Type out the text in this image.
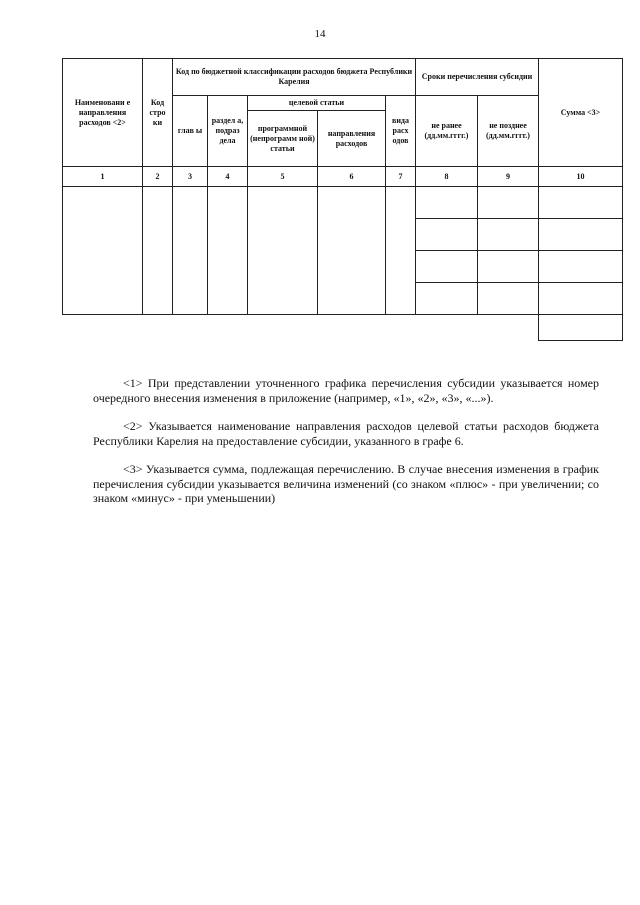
14
Наименовани е направления расходов <2>	Код стро ки	Код по бюджетной классификации расходов бюджета Республики Карелия					Сроки перечисления субсидии		Сумма <3>
		глав ы	раздел а, подраз дела	целевой статьи		вида расх одов	не ранее (дд.мм.гггг.)	не позднее (дд.мм.гггг.)	
				программной (непрограмм ной) статьи	направления расходов				

1	2	3	4	5	6	7	8	9	10

<1> При представлении уточненного графика перечисления субсидии указывается номер очередного внесения изменения в приложение (например, «1», «2», «3», «...»).

<2> Указывается наименование направления расходов целевой статьи расходов бюджета Республики Карелия на предоставление субсидии, указанного в графе 6.

<3> Указывается сумма, подлежащая перечислению. В случае внесения изменения в график перечисления субсидии указывается величина изменений (со знаком «плюс» - при увеличении; со знаком «минус» - при уменьшении)
